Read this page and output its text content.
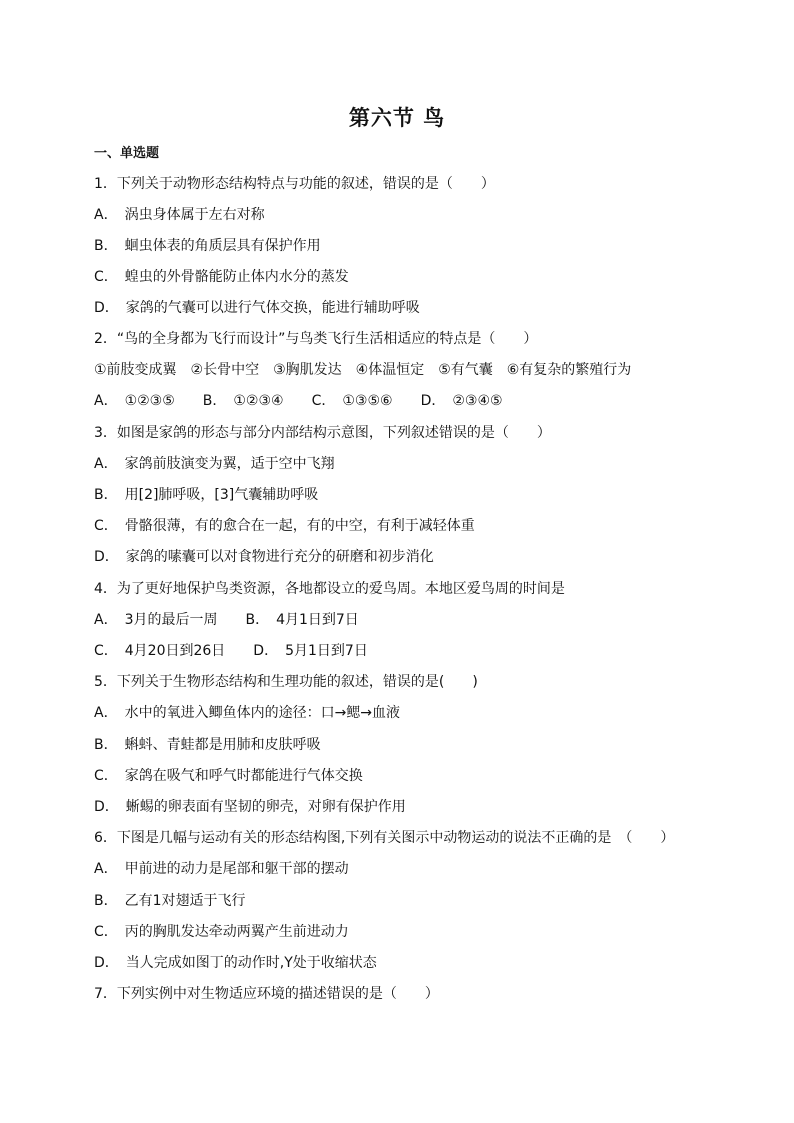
第六节 鸟
一、单选题
1．下列关于动物形态结构特点与功能的叙述，错误的是（　　）
A．　涡虫身体属于左右对称
B．　蛔虫体表的角质层具有保护作用
C．　蝗虫的外骨骼能防止体内水分的蒸发
D．　家鸽的气囊可以进行气体交换，能进行辅助呼吸
2．“鸟的全身都为飞行而设计”与鸟类飞行生活相适应的特点是（　　）
①前肢变成翼　②长骨中空　③胸肌发达　④体温恒定　⑤有气囊　⑥有复杂的繁殖行为
A．　①②③⑤　　B．　①②③④　　C．　①③⑤⑥　　D．　②③④⑤
3．如图是家鸽的形态与部分内部结构示意图，下列叙述错误的是（　　）
A．　家鸽前肢演变为翼，适于空中飞翔
B．　用[2]肺呼吸，[3]气囊辅助呼吸
C．　骨骼很薄，有的愈合在一起，有的中空，有利于减轻体重
D．　家鸽的嗉囊可以对食物进行充分的研磨和初步消化
4．为了更好地保护鸟类资源，各地都设立的爱鸟周。本地区爱鸟周的时间是
A．　3月的最后一周　　B．　4月1日到7日
C．　4月20日到26日　　D．　5月1日到7日
5．下列关于生物形态结构和生理功能的叙述，错误的是(　　)
A．　水中的氧进入鲫鱼体内的途径：口→鳃→血液
B．　蝌蚪、青蛙都是用肺和皮肤呼吸
C．　家鸽在吸气和呼气时都能进行气体交换
D．　蜥蜴的卵表面有坚韧的卵壳，对卵有保护作用
6．下图是几幅与运动有关的形态结构图,下列有关图示中动物运动的说法不正确的是　（　　）
A．　甲前进的动力是尾部和躯干部的摆动
B．　乙有1对翅适于飞行
C．　丙的胸肌发达牵动两翼产生前进动力
D．　当人完成如图丁的动作时,Y处于收缩状态
7．下列实例中对生物适应环境的描述错误的是（　　）
